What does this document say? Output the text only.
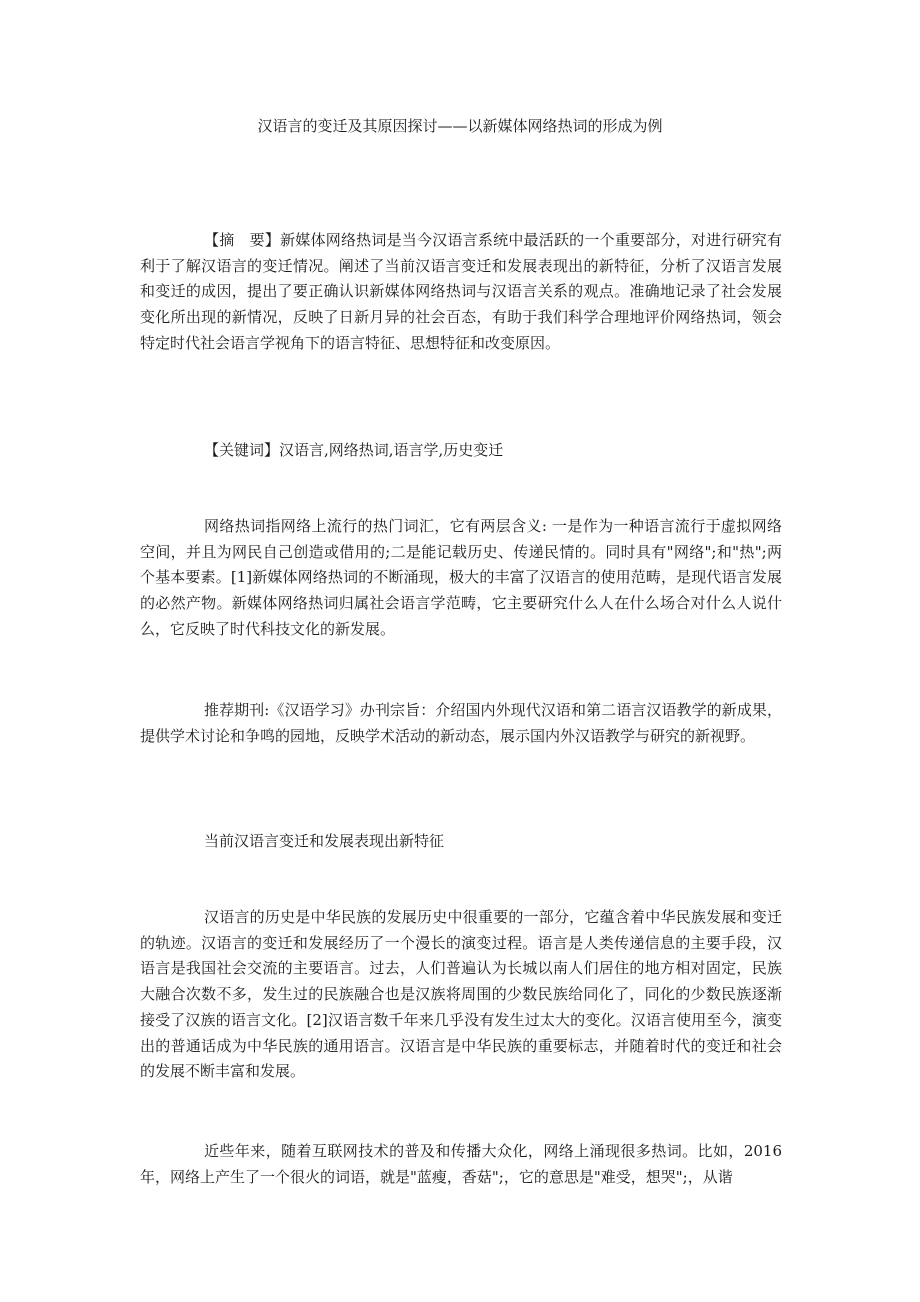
汉语言的变迁及其原因探讨——以新媒体网络热词的形成为例

【摘　要】新媒体网络热词是当今汉语言系统中最活跃的一个重要部分，对进行研究有利于了解汉语言的变迁情况。阐述了当前汉语言变迁和发展表现出的新特征，分析了汉语言发展和变迁的成因，提出了要正确认识新媒体网络热词与汉语言关系的观点。准确地记录了社会发展变化所出现的新情况，反映了日新月异的社会百态，有助于我们科学合理地评价网络热词，领会特定时代社会语言学视角下的语言特征、思想特征和改变原因。

【关键词】汉语言,网络热词,语言学,历史变迁

网络热词指网络上流行的热门词汇，它有两层含义: 一是作为一种语言流行于虚拟网络空间，并且为网民自己创造或借用的;二是能记载历史、传递民情的。同时具有"网络";和"热";两个基本要素。[1]新媒体网络热词的不断涌现，极大的丰富了汉语言的使用范畴，是现代语言发展的必然产物。新媒体网络热词归属社会语言学范畴，它主要研究什么人在什么场合对什么人说什么，它反映了时代科技文化的新发展。

推荐期刊:《汉语学习》办刊宗旨：介绍国内外现代汉语和第二语言汉语教学的新成果，提供学术讨论和争鸣的园地，反映学术活动的新动态，展示国内外汉语教学与研究的新视野。

当前汉语言变迁和发展表现出新特征

汉语言的历史是中华民族的发展历史中很重要的一部分，它蕴含着中华民族发展和变迁的轨迹。汉语言的变迁和发展经历了一个漫长的演变过程。语言是人类传递信息的主要手段，汉语言是我国社会交流的主要语言。过去，人们普遍认为长城以南人们居住的地方相对固定，民族大融合次数不多，发生过的民族融合也是汉族将周围的少数民族给同化了，同化的少数民族逐渐接受了汉族的语言文化。[2]汉语言数千年来几乎没有发生过太大的变化。汉语言使用至今，演变出的普通话成为中华民族的通用语言。汉语言是中华民族的重要标志，并随着时代的变迁和社会的发展不断丰富和发展。

近些年来，随着互联网技术的普及和传播大众化，网络上涌现很多热词。比如，2016年，网络上产生了一个很火的词语，就是"蓝瘦，香菇";，它的意思是"难受，想哭";，从谐
